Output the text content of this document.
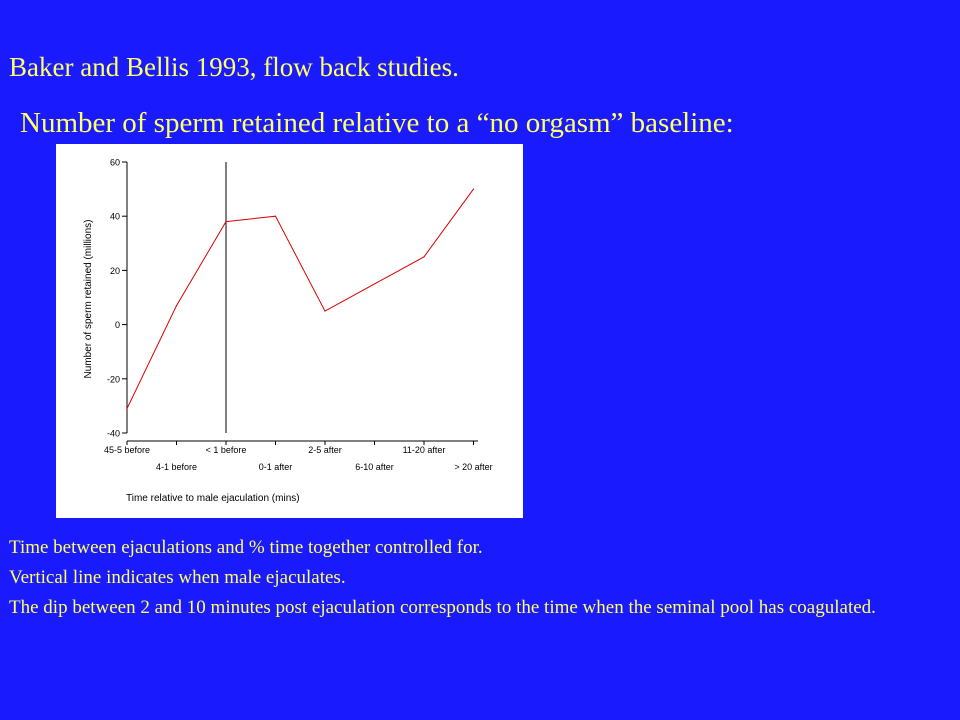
Baker and Bellis 1993, flow back studies.
Number of sperm retained relative to a “no orgasm” baseline:
60
40
20
0
-20
-40
45-5 before
4-1 before
< 1 before
0-1 after
2-5 after
6-10 after
11-20 after
> 20 after
Number of sperm retained (millions)
Time relative to male ejaculation (mins)

Time between ejaculations and % time together controlled for.

Vertical line indicates when male ejaculates.

The dip between 2 and 10 minutes post ejaculation corresponds to the time when the seminal pool has coagulated.
